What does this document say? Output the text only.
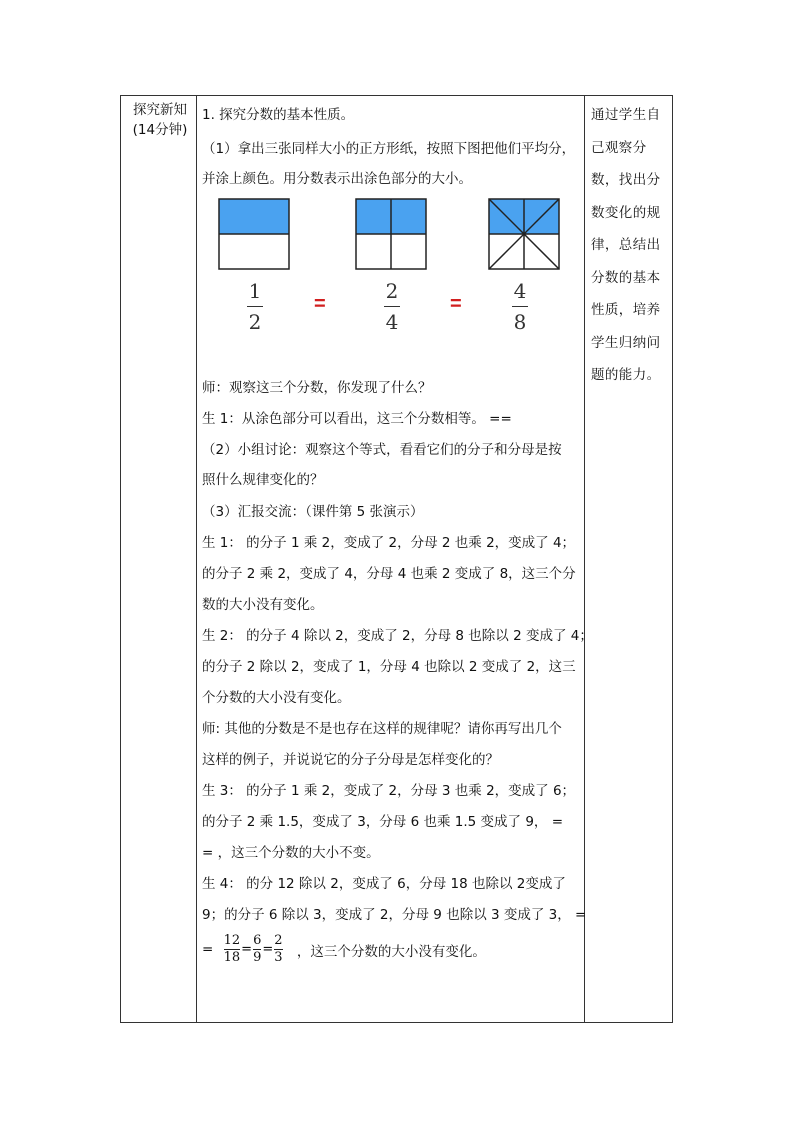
探究新知
(14分钟)
通过学生自己观察分数，找出分数变化的规律，总结出分数的基本性质，培养学生归纳问题的能力。
1. 探究分数的基本性质。
（1）拿出三张同样大小的正方形纸，按照下图把他们平均分，
并涂上颜色。用分数表示出涂色部分的大小。
1
2
=
2
4
=
4
8
师：观察这三个分数，你发现了什么？
生 1：从涂色部分可以看出，这三个分数相等。 ==
（2）小组讨论：观察这个等式，看看它们的分子和分母是按
照什么规律变化的？
（3）汇报交流：（课件第 5 张演示）
生 1： 的分子 1 乘 2，变成了 2，分母 2 也乘 2，变成了 4；
的分子 2 乘 2，变成了 4，分母 4 也乘 2 变成了 8，这三个分
数的大小没有变化。
生 2： 的分子 4 除以 2，变成了 2，分母 8 也除以 2 变成了 4；
的分子 2 除以 2，变成了 1，分母 4 也除以 2 变成了 2，这三
个分数的大小没有变化。
师: 其他的分数是不是也存在这样的规律呢？请你再写出几个
这样的例子，并说说它的分子分母是怎样变化的？
生 3： 的分子 1 乘 2，变成了 2，分母 3 也乘 2，变成了 6；
的分子 2 乘 1.5，变成了 3，分母 6 也乘 1.5 变成了 9， =
= ，这三个分数的大小不变。
生 4： 的分 12 除以 2，变成了 6，分母 18 也除以 2变成了
9；的分子 6 除以 3，变成了 2，分母 9 也除以 3 变成了 3， =
= $\frac{12}{18} = \frac{6}{9} = \frac{2}{3}$ ，这三个分数的大小没有变化。
